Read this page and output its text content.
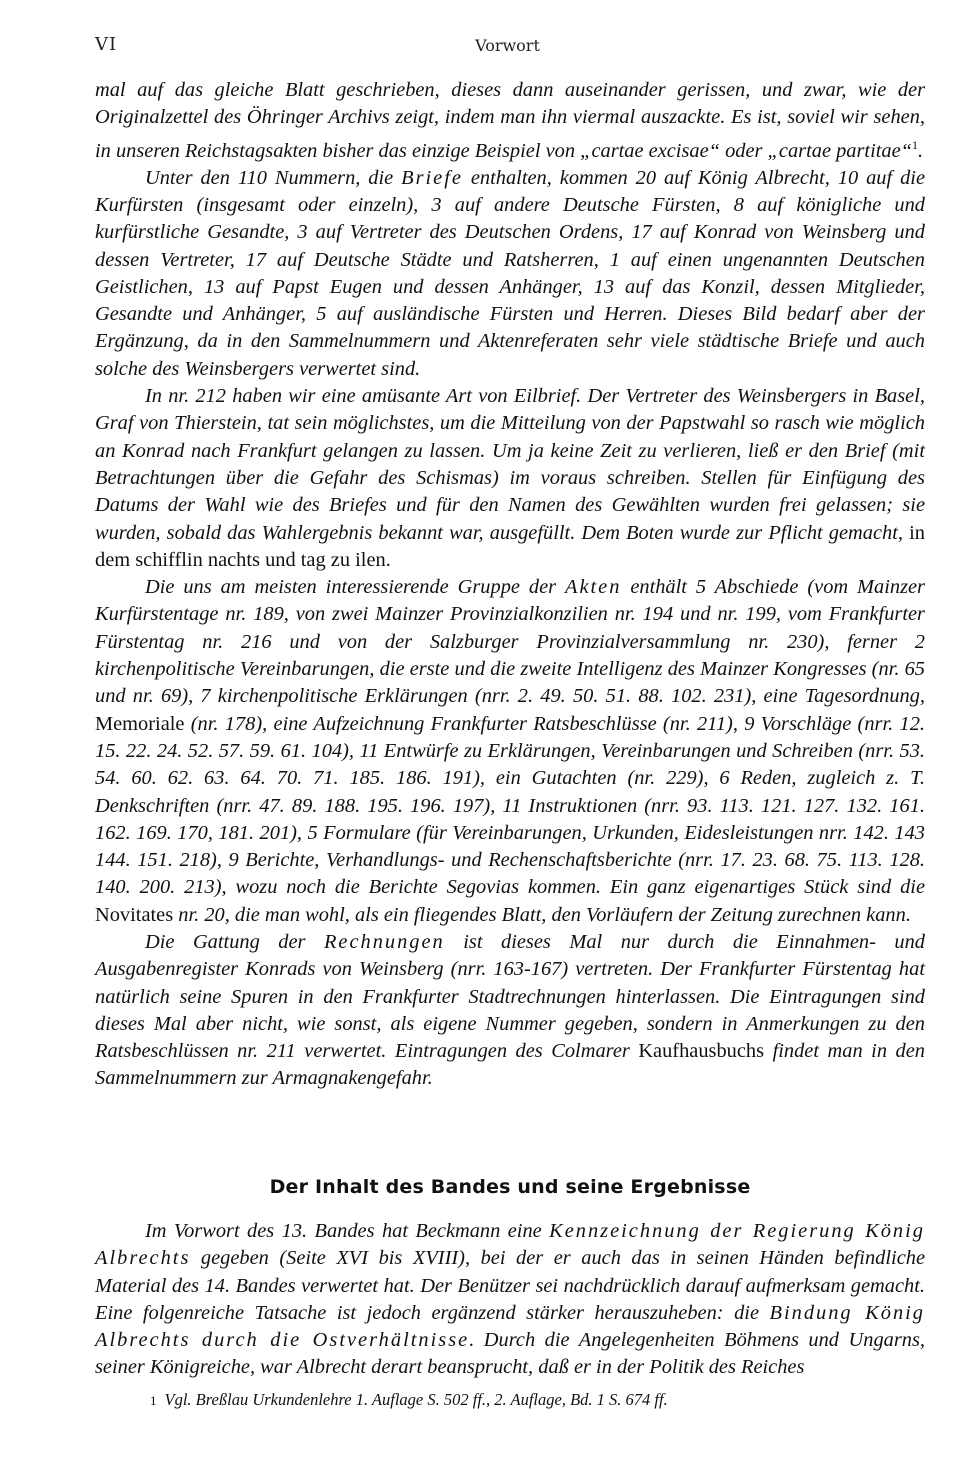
VI	Vorwort

mal auf das gleiche Blatt geschrieben, dieses dann auseinander gerissen, und zwar, wie der Originalzettel des Öhringer Archivs zeigt, indem man ihn viermal auszackte. Es ist, soviel wir sehen, in unseren Reichstagsakten bisher das einzige Beispiel von „cartae excisae“ oder „cartae partitae“$^1$.

Unter den 110 Nummern, die Briefe enthalten, kommen 20 auf König Albrecht, 10 auf die Kurfürsten (insgesamt oder einzeln), 3 auf andere Deutsche Fürsten, 8 auf königliche und kurfürstliche Gesandte, 3 auf Vertreter des Deutschen Ordens, 17 auf Konrad von Weinsberg und dessen Vertreter, 17 auf Deutsche Städte und Ratsherren, 1 auf einen ungenannten Deutschen Geistlichen, 13 auf Papst Eugen und dessen Anhänger, 13 auf das Konzil, dessen Mitglieder, Gesandte und Anhänger, 5 auf ausländische Fürsten und Herren. Dieses Bild bedarf aber der Ergänzung, da in den Sammelnummern und Aktenreferaten sehr viele städtische Briefe und auch solche des Weinsbergers verwertet sind.

In nr. 212 haben wir eine amüsante Art von Eilbrief. Der Vertreter des Weinsbergers in Basel, Graf von Thierstein, tat sein möglichstes, um die Mitteilung von der Papstwahl so rasch wie möglich an Konrad nach Frankfurt gelangen zu lassen. Um ja keine Zeit zu verlieren, ließ er den Brief (mit Betrachtungen über die Gefahr des Schismas) im voraus schreiben. Stellen für Einfügung des Datums der Wahl wie des Briefes und für den Namen des Gewählten wurden frei gelassen; sie wurden, sobald das Wahlergebnis bekannt war, ausgefüllt. Dem Boten wurde zur Pflicht gemacht, in dem schifflin nachts und tag zu ilen.

Die uns am meisten interessierende Gruppe der Akten enthält 5 Abschiede (vom Mainzer Kurfürstentage nr. 189, von zwei Mainzer Provinzialkonzilien nr. 194 und nr. 199, vom Frankfurter Fürstentag nr. 216 und von der Salzburger Provinzialversammlung nr. 230), ferner 2 kirchenpolitische Vereinbarungen, die erste und die zweite Intelligenz des Mainzer Kongresses (nr. 65 und nr. 69), 7 kirchenpolitische Erklärungen (nrr. 2. 49. 50. 51. 88. 102. 231), eine Tagesordnung, Memoriale (nr. 178), eine Aufzeichnung Frankfurter Ratsbeschlüsse (nr. 211), 9 Vorschläge (nrr. 12. 15. 22. 24. 52. 57. 59. 61. 104), 11 Entwürfe zu Erklärungen, Vereinbarungen und Schreiben (nrr. 53. 54. 60. 62. 63. 64. 70. 71. 185. 186. 191), ein Gutachten (nr. 229), 6 Reden, zugleich z. T. Denkschriften (nrr. 47. 89. 188. 195. 196. 197), 11 Instruktionen (nrr. 93. 113. 121. 127. 132. 161. 162. 169. 170, 181. 201), 5 Formulare (für Vereinbarungen, Urkunden, Eidesleistungen nrr. 142. 143 144. 151. 218), 9 Berichte, Verhandlungs- und Rechenschaftsberichte (nrr. 17. 23. 68. 75. 113. 128. 140. 200. 213), wozu noch die Berichte Segovias kommen. Ein ganz eigenartiges Stück sind die Novitates nr. 20, die man wohl, als ein fliegendes Blatt, den Vorläufern der Zeitung zurechnen kann.

Die Gattung der Rechnungen ist dieses Mal nur durch die Einnahmen- und Ausgabenregister Konrads von Weinsberg (nrr. 163-167) vertreten. Der Frankfurter Fürstentag hat natürlich seine Spuren in den Frankfurter Stadtrechnungen hinterlassen. Die Eintragungen sind dieses Mal aber nicht, wie sonst, als eigene Nummer gegeben, sondern in Anmerkungen zu den Ratsbeschlüssen nr. 211 verwertet. Eintragungen des Colmarer Kaufhausbuchs findet man in den Sammelnummern zur Armagnakengefahr.

Der Inhalt des Bandes und seine Ergebnisse

Im Vorwort des 13. Bandes hat Beckmann eine Kennzeichnung der Regierung König Albrechts gegeben (Seite XVI bis XVIII), bei der er auch das in seinen Händen befindliche Material des 14. Bandes verwertet hat. Der Benützer sei nachdrücklich darauf aufmerksam gemacht. Eine folgenreiche Tatsache ist jedoch ergänzend stärker herauszuheben: die Bindung König Albrechts durch die Ostverhältnisse. Durch die Angelegenheiten Böhmens und Ungarns, seiner Königreiche, war Albrecht derart beansprucht, daß er in der Politik des Reiches

1 Vgl. Breßlau Urkundenlehre 1. Auflage S. 502 ff., 2. Auflage, Bd. 1 S. 674 ff.
